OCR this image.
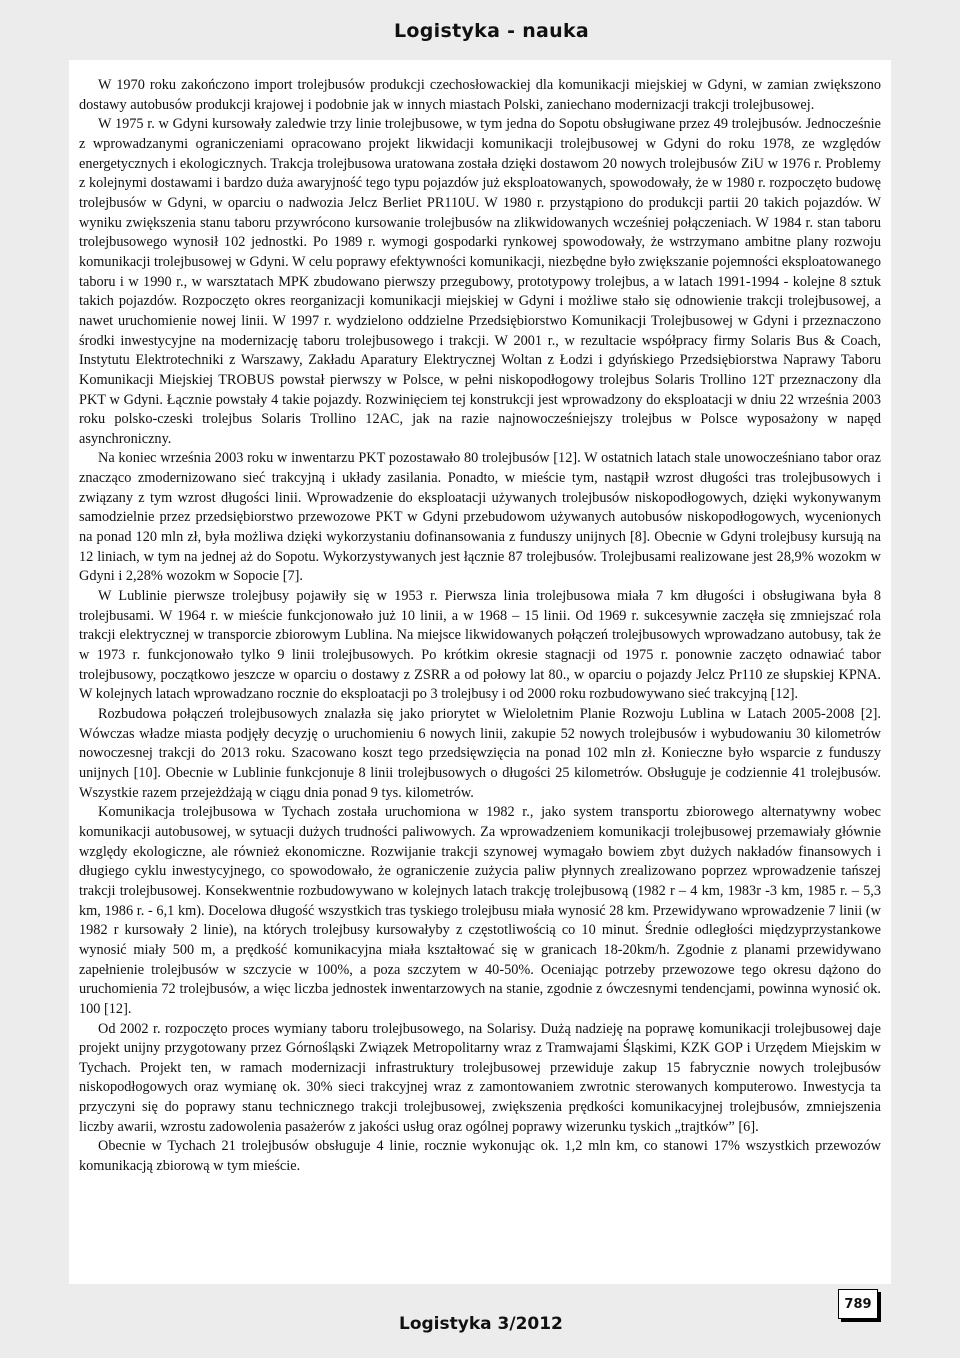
Logistyka - nauka

W 1970 roku zakończono import trolejbusów produkcji czechosłowackiej dla komunikacji miejskiej w Gdyni, w zamian zwiększono dostawy autobusów produkcji krajowej i podobnie jak w innych miastach Polski, zaniechano modernizacji trakcji trolejbusowej.

W 1975 r. w Gdyni kursowały zaledwie trzy linie trolejbusowe, w tym jedna do Sopotu obsługiwane przez 49 trolejbusów. Jednocześnie z wprowadzanymi ograniczeniami opracowano projekt likwidacji komunikacji trolejbusowej w Gdyni do roku 1978, ze względów energetycznych i ekologicznych. Trakcja trolejbusowa uratowana została dzięki dostawom 20 nowych trolejbusów ZiU w 1976 r. Problemy z kolejnymi dostawami i bardzo duża awaryjność tego typu pojazdów już eksploatowanych, spowodowały, że w 1980 r. rozpoczęto budowę trolejbusów w Gdyni, w oparciu o nadwozia Jelcz Berliet PR110U. W 1980 r. przystąpiono do produkcji partii 20 takich pojazdów. W wyniku zwiększenia stanu taboru przywrócono kursowanie trolejbusów na zlikwidowanych wcześniej połączeniach. W 1984 r. stan taboru trolejbusowego wynosił 102 jednostki. Po 1989 r. wymogi gospodarki rynkowej spowodowały, że wstrzymano ambitne plany rozwoju komunikacji trolejbusowej w Gdyni. W celu poprawy efektywności komunikacji, niezbędne było zwiększanie pojemności eksploatowanego taboru i w 1990 r., w warsztatach MPK zbudowano pierwszy przegubowy, prototypowy trolejbus, a w latach 1991-1994 - kolejne 8 sztuk takich pojazdów. Rozpoczęto okres reorganizacji komunikacji miejskiej w Gdyni i możliwe stało się odnowienie trakcji trolejbusowej, a nawet uruchomienie nowej linii. W 1997 r. wydzielono oddzielne Przedsiębiorstwo Komunikacji Trolejbusowej w Gdyni i przeznaczono środki inwestycyjne na modernizację taboru trolejbusowego i trakcji. W 2001 r., w rezultacie współpracy firmy Solaris Bus & Coach, Instytutu Elektrotechniki z Warszawy, Zakładu Aparatury Elektrycznej Woltan z Łodzi i gdyńskiego Przedsiębiorstwa Naprawy Taboru Komunikacji Miejskiej TROBUS powstał pierwszy w Polsce, w pełni niskopodłogowy trolejbus Solaris Trollino 12T przeznaczony dla PKT w Gdyni. Łącznie powstały 4 takie pojazdy. Rozwinięciem tej konstrukcji jest wprowadzony do eksploatacji w dniu 22 września 2003 roku polsko-czeski trolejbus Solaris Trollino 12AC, jak na razie najnowocześniejszy trolejbus w Polsce wyposażony w napęd asynchroniczny.

Na koniec września 2003 roku w inwentarzu PKT pozostawało 80 trolejbusów [12]. W ostatnich latach stale unowocześniano tabor oraz znacząco zmodernizowano sieć trakcyjną i układy zasilania. Ponadto, w mieście tym, nastąpił wzrost długości tras trolejbusowych i związany z tym wzrost długości linii. Wprowadzenie do eksploatacji używanych trolejbusów niskopodłogowych, dzięki wykonywanym samodzielnie przez przedsiębiorstwo przewozowe PKT w Gdyni przebudowom używanych autobusów niskopodłogowych, wycenionych na ponad 120 mln zł, była możliwa dzięki wykorzystaniu dofinansowania z funduszy unijnych [8]. Obecnie w Gdyni trolejbusy kursują na 12 liniach, w tym na jednej aż do Sopotu. Wykorzystywanych jest łącznie 87 trolejbusów. Trolejbusami realizowane jest 28,9% wozokm w Gdyni i 2,28% wozokm w Sopocie [7].

W Lublinie pierwsze trolejbusy pojawiły się w 1953 r. Pierwsza linia trolejbusowa miała 7 km długości i obsługiwana była 8 trolejbusami. W 1964 r. w mieście funkcjonowało już 10 linii, a w 1968 – 15 linii. Od 1969 r. sukcesywnie zaczęła się zmniejszać rola trakcji elektrycznej w transporcie zbiorowym Lublina. Na miejsce likwidowanych połączeń trolejbusowych wprowadzano autobusy, tak że w 1973 r. funkcjonowało tylko 9 linii trolejbusowych. Po krótkim okresie stagnacji od 1975 r. ponownie zaczęto odnawiać tabor trolejbusowy, początkowo jeszcze w oparciu o dostawy z ZSRR a od połowy lat 80., w oparciu o pojazdy Jelcz Pr110 ze słupskiej KPNA. W kolejnych latach wprowadzano rocznie do eksploatacji po 3 trolejbusy i od 2000 roku rozbudowywano sieć trakcyjną [12].

Rozbudowa połączeń trolejbusowych znalazła się jako priorytet w Wieloletnim Planie Rozwoju Lublina w Latach 2005-2008 [2]. Wówczas władze miasta podjęły decyzję o uruchomieniu 6 nowych linii, zakupie 52 nowych trolejbusów i wybudowaniu 30 kilometrów nowoczesnej trakcji do 2013 roku. Szacowano koszt tego przedsięwzięcia na ponad 102 mln zł. Konieczne było wsparcie z funduszy unijnych [10]. Obecnie w Lublinie funkcjonuje 8 linii trolejbusowych o długości 25 kilometrów. Obsługuje je codziennie 41 trolejbusów. Wszystkie razem przejeżdżają w ciągu dnia ponad 9 tys. kilometrów.

Komunikacja trolejbusowa w Tychach została uruchomiona w 1982 r., jako system transportu zbiorowego alternatywny wobec komunikacji autobusowej, w sytuacji dużych trudności paliwowych. Za wprowadzeniem komunikacji trolejbusowej przemawiały głównie względy ekologiczne, ale również ekonomiczne. Rozwijanie trakcji szynowej wymagało bowiem zbyt dużych nakładów finansowych i długiego cyklu inwestycyjnego, co spowodowało, że ograniczenie zużycia paliw płynnych zrealizowano poprzez wprowadzenie tańszej trakcji trolejbusowej. Konsekwentnie rozbudowywano w kolejnych latach trakcję trolejbusową (1982 r – 4 km, 1983r -3 km, 1985 r. – 5,3 km, 1986 r. - 6,1 km). Docelowa długość wszystkich tras tyskiego trolejbusu miała wynosić 28 km. Przewidywano wprowadzenie 7 linii (w 1982 r kursowały 2 linie), na których trolejbusy kursowałyby z częstotliwością co 10 minut. Średnie odległości międzyprzystankowe wynosić miały 500 m, a prędkość komunikacyjna miała kształtować się w granicach 18-20km/h. Zgodnie z planami przewidywano zapełnienie trolejbusów w szczycie w 100%, a poza szczytem w 40-50%. Oceniając potrzeby przewozowe tego okresu dążono do uruchomienia 72 trolejbusów, a więc liczba jednostek inwentarzowych na stanie, zgodnie z ówczesnymi tendencjami, powinna wynosić ok. 100 [12].

Od 2002 r. rozpoczęto proces wymiany taboru trolejbusowego, na Solarisy. Dużą nadzieję na poprawę komunikacji trolejbusowej daje projekt unijny przygotowany przez Górnośląski Związek Metropolitarny wraz z Tramwajami Śląskimi, KZK GOP i Urzędem Miejskim w Tychach. Projekt ten, w ramach modernizacji infrastruktury trolejbusowej przewiduje zakup 15 fabrycznie nowych trolejbusów niskopodłogowych oraz wymianę ok. 30% sieci trakcyjnej wraz z zamontowaniem zwrotnic sterowanych komputerowo. Inwestycja ta przyczyni się do poprawy stanu technicznego trakcji trolejbusowej, zwiększenia prędkości komunikacyjnej trolejbusów, zmniejszenia liczby awarii, wzrostu zadowolenia pasażerów z jakości usług oraz ogólnej poprawy wizerunku tyskich „trajtków” [6].

Obecnie w Tychach 21 trolejbusów obsługuje 4 linie, rocznie wykonując ok. 1,2 mln km, co stanowi 17% wszystkich przewozów komunikacją zbiorową w tym mieście.

789
Logistyka 3/2012
